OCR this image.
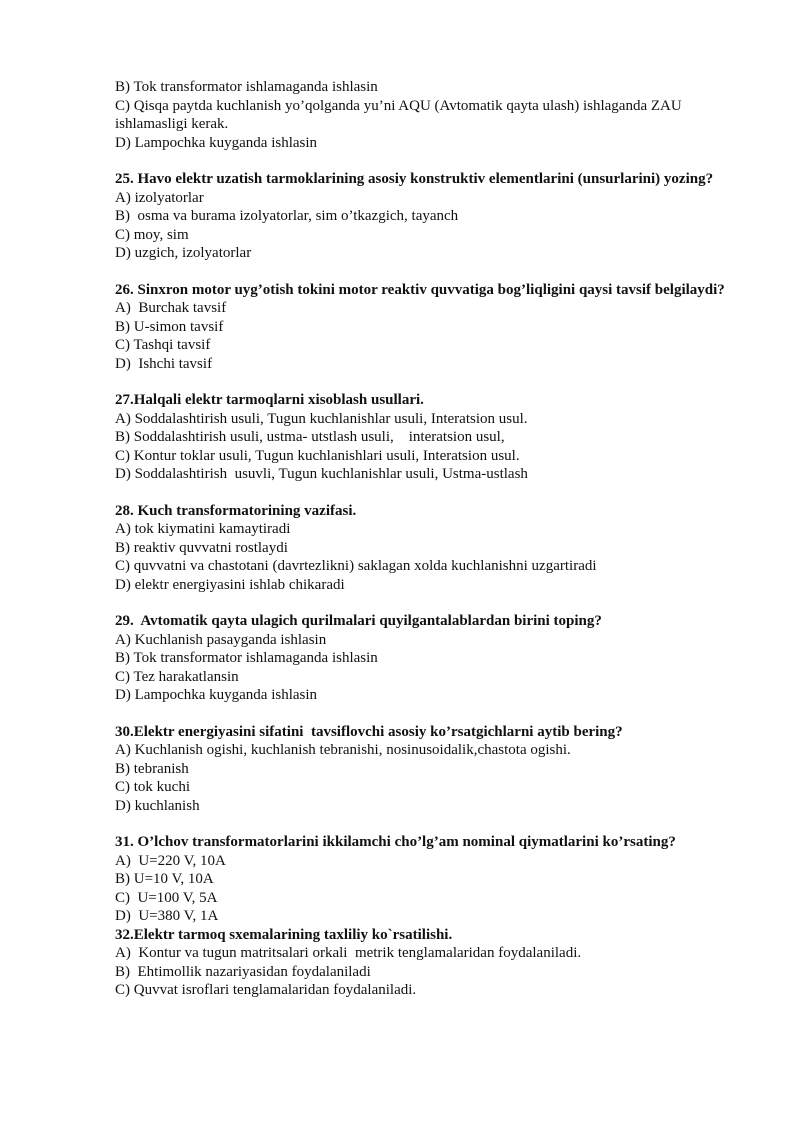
B) Tok transformator ishlamaganda ishlasin
C) Qisqa paytda kuchlanish yo’qolganda yu’ni AQU (Avtomatik qayta ulash) ishlaganda ZAU ishlamasligi kerak.
D) Lampochka kuyganda ishlasin
25. Havo elektr uzatish tarmoklarining asosiy konstruktiv elementlarini (unsurlarini) yozing?
A) izolyatorlar
B)  osma va burama izolyatorlar, sim o’tkazgich, tayanch
C) moy, sim
D) uzgich, izolyatorlar
26. Sinxron motor uyg’otish tokini motor reaktiv quvvatiga bog’liqligini qaysi tavsif belgilaydi?
A)  Burchak tavsif
B) U-simon tavsif
C) Tashqi tavsif
D)  Ishchi tavsif
27.Halqali elektr tarmoqlarni xisoblash usullari.
A) Soddalashtirish usuli, Tugun kuchlanishlar usuli, Interatsion usul.
B) Soddalashtirish usuli, ustma- utstlash usuli,    interatsion usul,
C) Kontur toklar usuli, Tugun kuchlanishlari usuli, Interatsion usul.
D) Soddalashtirish  usuvli, Tugun kuchlanishlar usuli, Ustma-ustlash
28. Kuch transformatorining vazifasi.
A) tok kiymatini kamaytiradi
B) reaktiv quvvatni rostlaydi
C) quvvatni va chastotani (davrtezlikni) saklagan xolda kuchlanishni uzgartiradi
D) elektr energiyasini ishlab chikaradi
29.  Avtomatik qayta ulagich qurilmalari quyilgantalablardan birini toping?
A) Kuchlanish pasayganda ishlasin
B) Tok transformator ishlamaganda ishlasin
C) Tez harakatlansin
D) Lampochka kuyganda ishlasin
30.Elektr energiyasini sifatini  tavsiflovchi asosiy ko’rsatgichlarni aytib bering?
A) Kuchlanish ogishi, kuchlanish tebranishi, nosinusoidalik,chastota ogishi.
B) tebranish
C) tok kuchi
D) kuchlanish
31. O’lchov transformatorlarini ikkilamchi cho’lg’am nominal qiymatlarini ko’rsating?
A)  U=220 V, 10A
B) U=10 V, 10A
C)  U=100 V, 5A
D)  U=380 V, 1A
32.Elektr tarmoq sxemalarining taxliliy ko`rsatilishi.
A)  Kontur va tugun matritsalari orkali  metrik tenglamalaridan foydalaniladi.
B)  Ehtimollik nazariyasidan foydalaniladi
C) Quvvat isroflari tenglamalaridan foydalaniladi.
